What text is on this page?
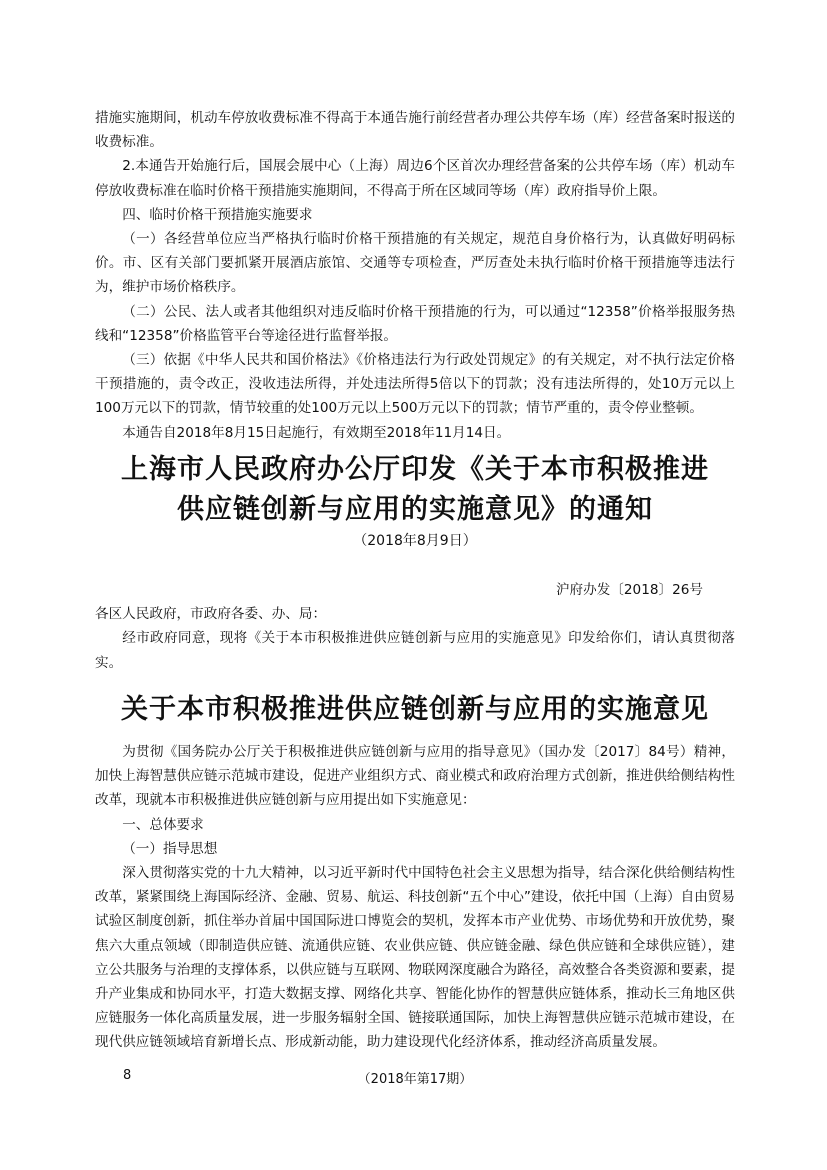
措施实施期间，机动车停放收费标准不得高于本通告施行前经营者办理公共停车场（库）经营备案时报送的收费标准。

2.本通告开始施行后，国展会展中心（上海）周边6个区首次办理经营备案的公共停车场（库）机动车停放收费标准在临时价格干预措施实施期间，不得高于所在区域同等场（库）政府指导价上限。

四、临时价格干预措施实施要求

（一）各经营单位应当严格执行临时价格干预措施的有关规定，规范自身价格行为，认真做好明码标价。市、区有关部门要抓紧开展酒店旅馆、交通等专项检查，严厉查处未执行临时价格干预措施等违法行为，维护市场价格秩序。

（二）公民、法人或者其他组织对违反临时价格干预措施的行为，可以通过“12358”价格举报服务热线和“12358”价格监管平台等途径进行监督举报。

（三）依据《中华人民共和国价格法》《价格违法行为行政处罚规定》的有关规定，对不执行法定价格干预措施的，责令改正，没收违法所得，并处违法所得5倍以下的罚款；没有违法所得的，处10万元以上100万元以下的罚款，情节较重的处100万元以上500万元以下的罚款；情节严重的，责令停业整顿。

本通告自2018年8月15日起施行，有效期至2018年11月14日。

上海市人民政府办公厅印发《关于本市积极推进
供应链创新与应用的实施意见》的通知
（2018年8月9日）

沪府办发〔2018〕26号

各区人民政府，市政府各委、办、局：

经市政府同意，现将《关于本市积极推进供应链创新与应用的实施意见》印发给你们，请认真贯彻落实。

关于本市积极推进供应链创新与应用的实施意见

为贯彻《国务院办公厅关于积极推进供应链创新与应用的指导意见》（国办发〔2017〕84号）精神，加快上海智慧供应链示范城市建设，促进产业组织方式、商业模式和政府治理方式创新，推进供给侧结构性改革，现就本市积极推进供应链创新与应用提出如下实施意见：

一、总体要求

（一）指导思想

深入贯彻落实党的十九大精神，以习近平新时代中国特色社会主义思想为指导，结合深化供给侧结构性改革，紧紧围绕上海国际经济、金融、贸易、航运、科技创新“五个中心”建设，依托中国（上海）自由贸易试验区制度创新，抓住举办首届中国国际进口博览会的契机，发挥本市产业优势、市场优势和开放优势，聚焦六大重点领域（即制造供应链、流通供应链、农业供应链、供应链金融、绿色供应链和全球供应链），建立公共服务与治理的支撑体系，以供应链与互联网、物联网深度融合为路径，高效整合各类资源和要素，提升产业集成和协同水平，打造大数据支撑、网络化共享、智能化协作的智慧供应链体系，推动长三角地区供应链服务一体化高质量发展，进一步服务辐射全国、链接联通国际，加快上海智慧供应链示范城市建设，在现代供应链领域培育新增长点、形成新动能，助力建设现代化经济体系，推动经济高质量发展。

8	（2018年第17期）
